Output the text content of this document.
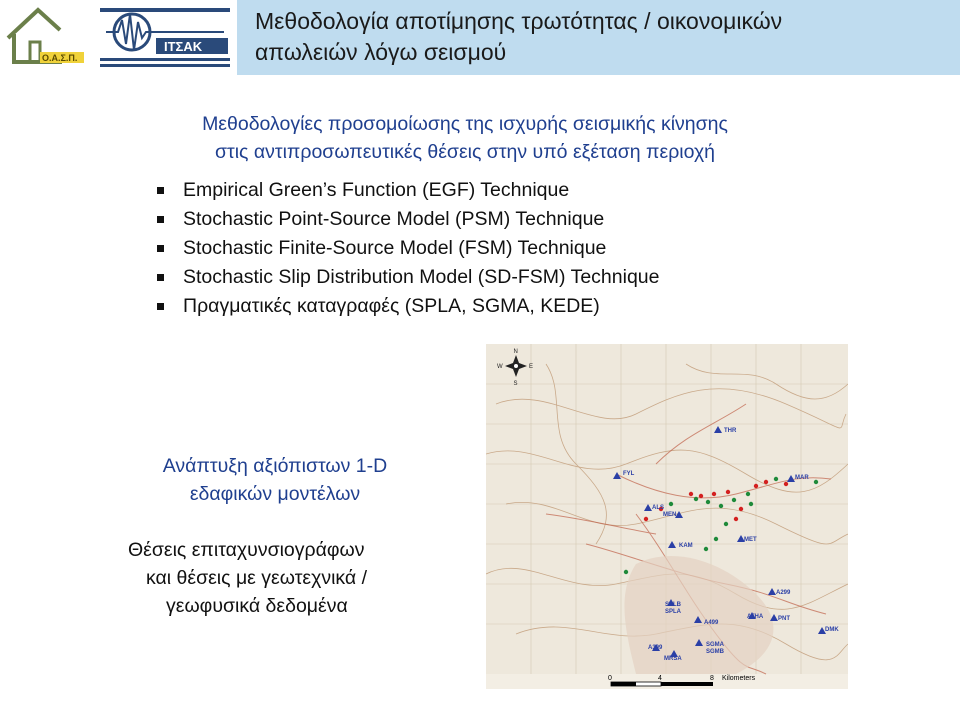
Ο.Α.Σ.Π.
ΙΤΣΑΚ
Μεθοδολογία αποτίμησης τρωτότητας / οικονομικών
απωλειών λόγω σεισμού
Μεθοδολογίες προσομοίωσης της ισχυρής σεισμικής κίνησης
στις αντιπροσωπευτικές θέσεις στην υπό εξέταση περιοχή
Empirical Green’s Function (EGF) Technique
Stochastic Point-Source Model (PSM) Technique
Stochastic Finite-Source Model (FSM) Technique
Stochastic Slip Distribution Model (SD-FSM) Technique
Πραγματικές καταγραφές (SPLA, SGMA, KEDE)
Ανάπτυξη αξιόπιστων 1-D
εδαφικών μοντέλων
Θέσεις επιταχυνσιογράφων
και θέσεις με γεωτεχνικά /
γεωφυσικά δεδομένα
N
S
E
W
THR
FYL
MAR
ALS
MEN
MET
KAM
A299
SPLB
SPLA
ATHA PNT
A499
DMK
SGMA
SGMB
A399
MRSA
0	4	8 Kilometers
